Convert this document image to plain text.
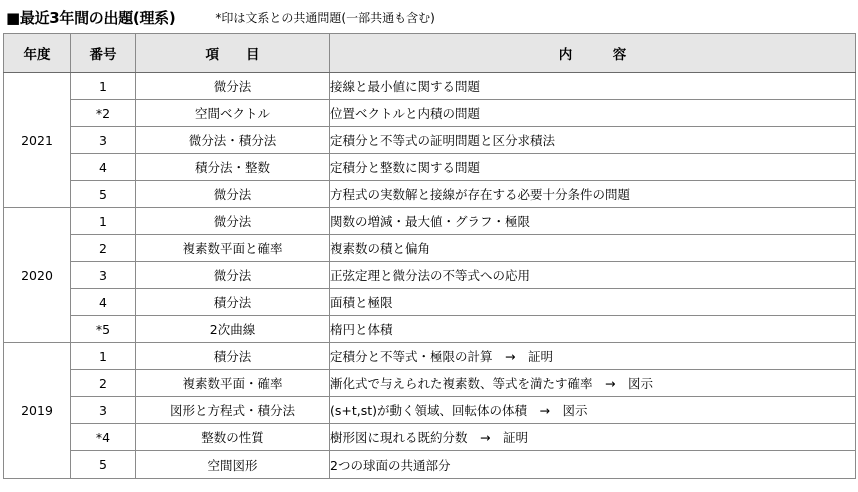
■最近3年間の出題(理系)	*印は文系との共通問題(一部共通も含む)
年度	番号	項　　目	内　　　容
2021	1	微分法	接線と最小値に関する問題
	*2	空間ベクトル	位置ベクトルと内積の問題
	3	微分法・積分法	定積分と不等式の証明問題と区分求積法
	4	積分法・整数	定積分と整数に関する問題
	5	微分法	方程式の実数解と接線が存在する必要十分条件の問題
2020	1	微分法	関数の増減・最大値・グラフ・極限
	2	複素数平面と確率	複素数の積と偏角
	3	微分法	正弦定理と微分法の不等式への応用
	4	積分法	面積と極限
	*5	2次曲線	楕円と体積
2019	1	積分法	定積分と不等式・極限の計算　→　証明
	2	複素数平面・確率	漸化式で与えられた複素数、等式を満たす確率　→　図示
	3	図形と方程式・積分法	(s+t,st)が動く領域、回転体の体積　→　図示
	*4	整数の性質	樹形図に現れる既約分数　→　証明
	5	空間図形	2つの球面の共通部分
